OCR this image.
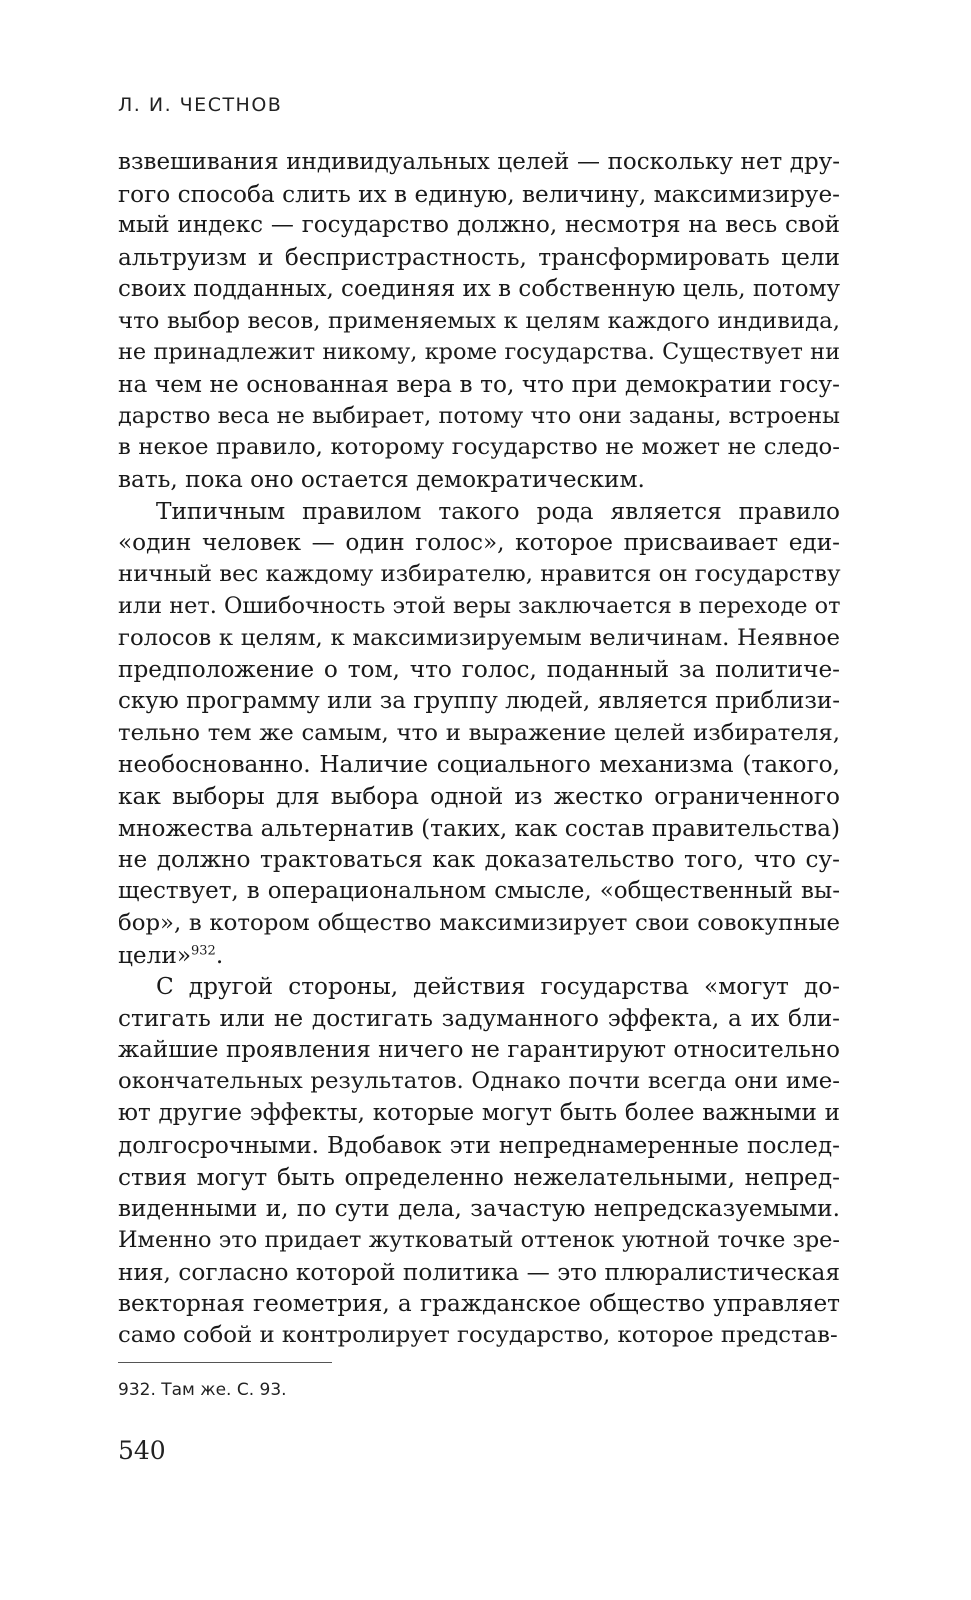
Л. И. ЧЕСТНОВ
взвешивания индивидуальных целей — поскольку нет дру-
гого способа слить их в единую, величину, максимизируе-
мый индекс — государство должно, несмотря на весь свой
альтруизм и беспристрастность, трансформировать цели
своих подданных, соединяя их в собственную цель, потому
что выбор весов, применяемых к целям каждого индивида,
не принадлежит никому, кроме государства. Существует ни
на чем не основанная вера в то, что при демократии госу-
дарство веса не выбирает, потому что они заданы, встроены
в некое правило, которому государство не может не следо-
вать, пока оно остается демократическим.
Типичным правилом такого рода является правило
«один человек — один голос», которое присваивает еди-
ничный вес каждому избирателю, нравится он государству
или нет. Ошибочность этой веры заключается в переходе от
голосов к целям, к максимизируемым величинам. Неявное
предположение о том, что голос, поданный за политиче-
скую программу или за группу людей, является приблизи-
тельно тем же самым, что и выражение целей избирателя,
необоснованно. Наличие социального механизма (такого,
как выборы для выбора одной из жестко ограниченного
множества альтернатив (таких, как состав правительства)
не должно трактоваться как доказательство того, что су-
ществует, в операциональном смысле, «общественный вы-
бор», в котором общество максимизирует свои совокупные
цели»$^{932}$.
С другой стороны, действия государства «могут до-
стигать или не достигать задуманного эффекта, а их бли-
жайшие проявления ничего не гарантируют относительно
окончательных результатов. Однако почти всегда они име-
ют другие эффекты, которые могут быть более важными и
долгосрочными. Вдобавок эти непреднамеренные послед-
ствия могут быть определенно нежелательными, непред-
виденными и, по сути дела, зачастую непредсказуемыми.
Именно это придает жутковатый оттенок уютной точке зре-
ния, согласно которой политика — это плюралистическая
векторная геометрия, а гражданское общество управляет
само собой и контролирует государство, которое представ-
932. Там же. С. 93.
540
